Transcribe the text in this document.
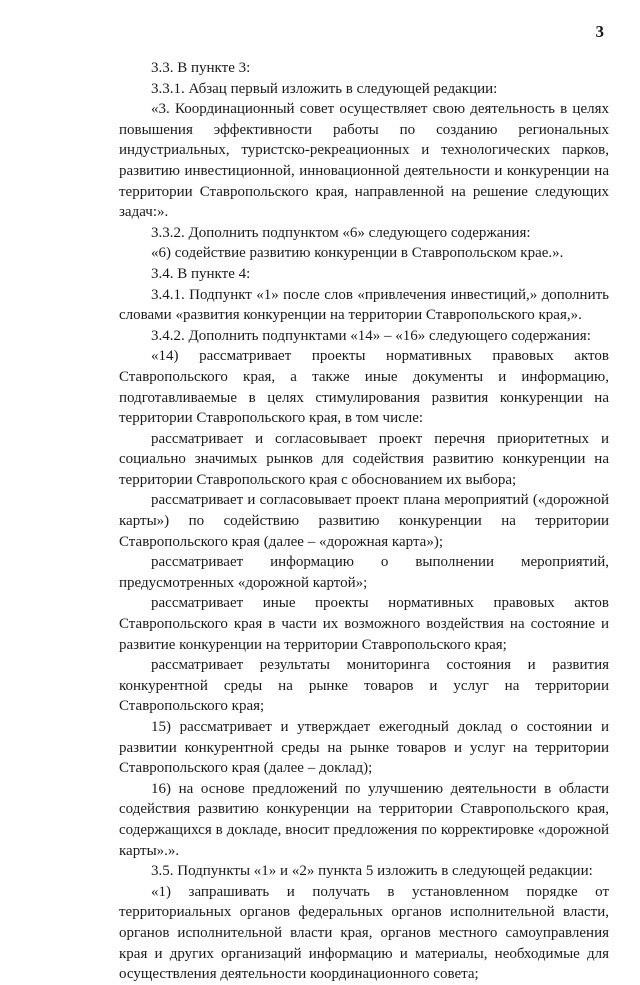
3

3.3. В пункте 3:

3.3.1. Абзац первый изложить в следующей редакции:

«3. Координационный совет осуществляет свою деятельность в целях повышения эффективности работы по созданию региональных индустриальных, туристско-рекреационных и технологических парков, развитию инвестиционной, инновационной деятельности и конкуренции на территории Ставропольского края, направленной на решение следующих задач:».

3.3.2. Дополнить подпунктом «6» следующего содержания:

«6) содействие развитию конкуренции в Ставропольском крае.».

3.4. В пункте 4:

3.4.1. Подпункт «1» после слов «привлечения инвестиций,» дополнить словами «развития конкуренции на территории Ставропольского края,».

3.4.2. Дополнить подпунктами «14» – «16» следующего содержания:

«14) рассматривает проекты нормативных правовых актов Ставропольского края, а также иные документы и информацию, подготавливаемые в целях стимулирования развития конкуренции на территории Ставропольского края, в том числе:

рассматривает и согласовывает проект перечня приоритетных и социально значимых рынков для содействия развитию конкуренции на территории Ставропольского края с обоснованием их выбора;

рассматривает и согласовывает проект плана мероприятий («дорожной карты») по содействию развитию конкуренции на территории Ставропольского края (далее – «дорожная карта»);

рассматривает информацию о выполнении мероприятий, предусмотренных «дорожной картой»;

рассматривает иные проекты нормативных правовых актов Ставропольского края в части их возможного воздействия на состояние и развитие конкуренции на территории Ставропольского края;

рассматривает результаты мониторинга состояния и развития конкурентной среды на рынке товаров и услуг на территории Ставропольского края;

15) рассматривает и утверждает ежегодный доклад о состоянии и развитии конкурентной среды на рынке товаров и услуг на территории Ставропольского края (далее – доклад);

16) на основе предложений по улучшению деятельности в области содействия развитию конкуренции на территории Ставропольского края, содержащихся в докладе, вносит предложения по корректировке «дорожной карты».».

3.5. Подпункты «1» и «2» пункта 5 изложить в следующей редакции:

«1) запрашивать и получать в установленном порядке от территориальных органов федеральных органов исполнительной власти, органов исполнительной власти края, органов местного самоуправления края и других организаций информацию и материалы, необходимые для осуществления деятельности координационного совета;
